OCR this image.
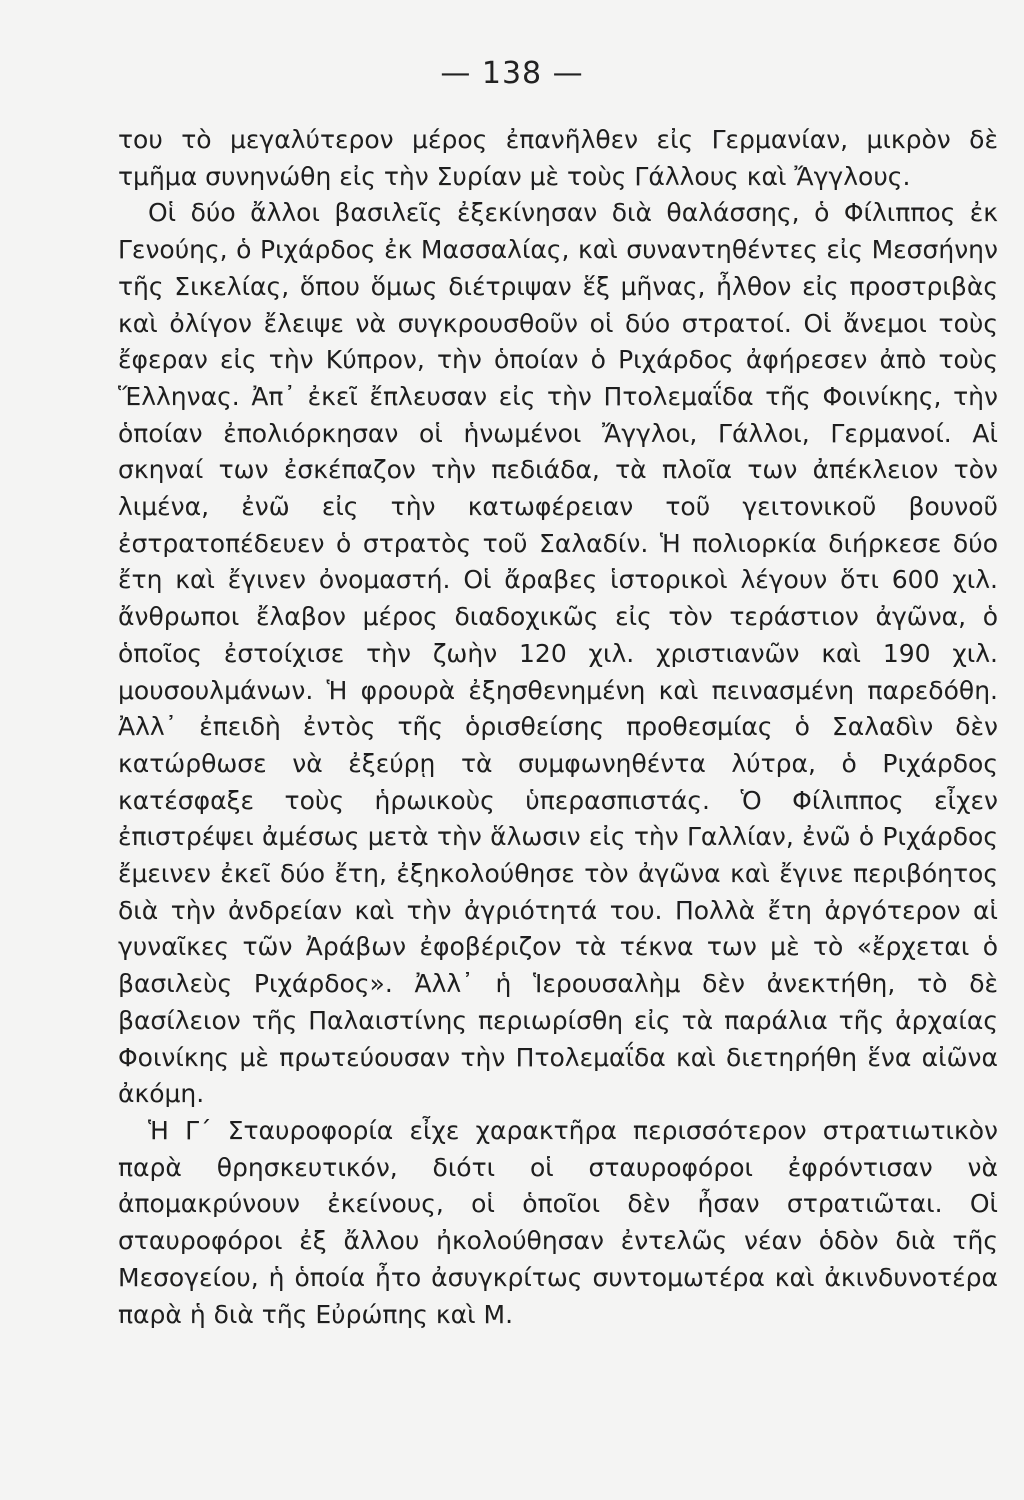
— 138 —

του τὸ μεγαλύτερον μέρος ἐπανῆλθεν εἰς Γερμανίαν, μικρὸν δὲ τμῆμα συνηνώθη εἰς τὴν Συρίαν μὲ τοὺς Γάλλους καὶ Ἄγγλους.

Οἱ δύο ἄλλοι βασιλεῖς ἐξεκίνησαν διὰ θαλάσσης, ὁ Φίλιππος ἐκ Γενούης, ὁ Ριχάρδος ἐκ Μασσαλίας, καὶ συναντηθέντες εἰς Μεσσήνην τῆς Σικελίας, ὅπου ὅμως διέτριψαν ἕξ μῆνας, ἦλθον εἰς προστριβὰς καὶ ὀλίγον ἔλειψε νὰ συγκρουσθοῦν οἱ δύο στρατοί. Οἱ ἄνεμοι τοὺς ἔφεραν εἰς τὴν Κύπρον, τὴν ὁποίαν ὁ Ριχάρδος ἀφήρεσεν ἀπὸ τοὺς Ἕλληνας. Ἀπ᾽ ἐκεῖ ἔπλευσαν εἰς τὴν Πτολεμαΐδα τῆς Φοινίκης, τὴν ὁποίαν ἐπολιόρκησαν οἱ ἡνωμένοι Ἄγγλοι, Γάλλοι, Γερμανοί. Αἱ σκηναί των ἐσκέπαζον τὴν πεδιάδα, τὰ πλοῖα των ἀπέκλειον τὸν λιμένα, ἐνῶ εἰς τὴν κατωφέρειαν τοῦ γειτονικοῦ βουνοῦ ἐστρατοπέδευεν ὁ στρατὸς τοῦ Σαλαδίν. Ἡ πολιορκία διήρκεσε δύο ἔτη καὶ ἔγινεν ὀνομαστή. Οἱ ἄραβες ἱστορικοὶ λέγουν ὅτι 600 χιλ. ἄνθρωποι ἔλαβον μέρος διαδοχικῶς εἰς τὸν τεράστιον ἀγῶνα, ὁ ὁποῖος ἐστοίχισε τὴν ζωὴν 120 χιλ. χριστιανῶν καὶ 190 χιλ. μουσουλμάνων. Ἡ φρουρὰ ἐξησθενημένη καὶ πεινασμένη παρεδόθη. Ἀλλ᾽ ἐπειδὴ ἐντὸς τῆς ὁρισθείσης προθεσμίας ὁ Σαλαδὶν δὲν κατώρθωσε νὰ ἐξεύρῃ τὰ συμφωνηθέντα λύτρα, ὁ Ριχάρδος κατέσφαξε τοὺς ἡρωικοὺς ὑπερασπιστάς. Ὁ Φίλιππος εἶχεν ἐπιστρέψει ἀμέσως μετὰ τὴν ἅλωσιν εἰς τὴν Γαλλίαν, ἐνῶ ὁ Ριχάρδος ἔμεινεν ἐκεῖ δύο ἔτη, ἐξηκολούθησε τὸν ἀγῶνα καὶ ἔγινε περιβόητος διὰ τὴν ἀνδρείαν καὶ τὴν ἀγριότητά του. Πολλὰ ἔτη ἀργότερον αἱ γυναῖκες τῶν Ἀράβων ἐφοβέριζον τὰ τέκνα των μὲ τὸ «ἔρχεται ὁ βασιλεὺς Ριχάρδος». Ἀλλ᾽ ἡ Ἱερουσαλὴμ δὲν ἀνεκτήθη, τὸ δὲ βασίλειον τῆς Παλαιστίνης περιωρίσθη εἰς τὰ παράλια τῆς ἀρχαίας Φοινίκης μὲ πρωτεύουσαν τὴν Πτολεμαΐδα καὶ διετηρήθη ἕνα αἰῶνα ἀκόμη.

Ἡ Γ΄ Σταυροφορία εἶχε χαρακτῆρα περισσότερον στρατιωτικὸν παρὰ θρησκευτικόν, διότι οἱ σταυροφόροι ἐφρόντισαν νὰ ἀπομακρύνουν ἐκείνους, οἱ ὁποῖοι δὲν ἦσαν στρατιῶται. Οἱ σταυροφόροι ἐξ ἄλλου ἠκολούθησαν ἐντελῶς νέαν ὁδὸν διὰ τῆς Μεσογείου, ἡ ὁποία ἦτο ἀσυγκρίτως συντομωτέρα καὶ ἀκινδυνοτέρα παρὰ ἡ διὰ τῆς Εὐρώπης καὶ Μ.
